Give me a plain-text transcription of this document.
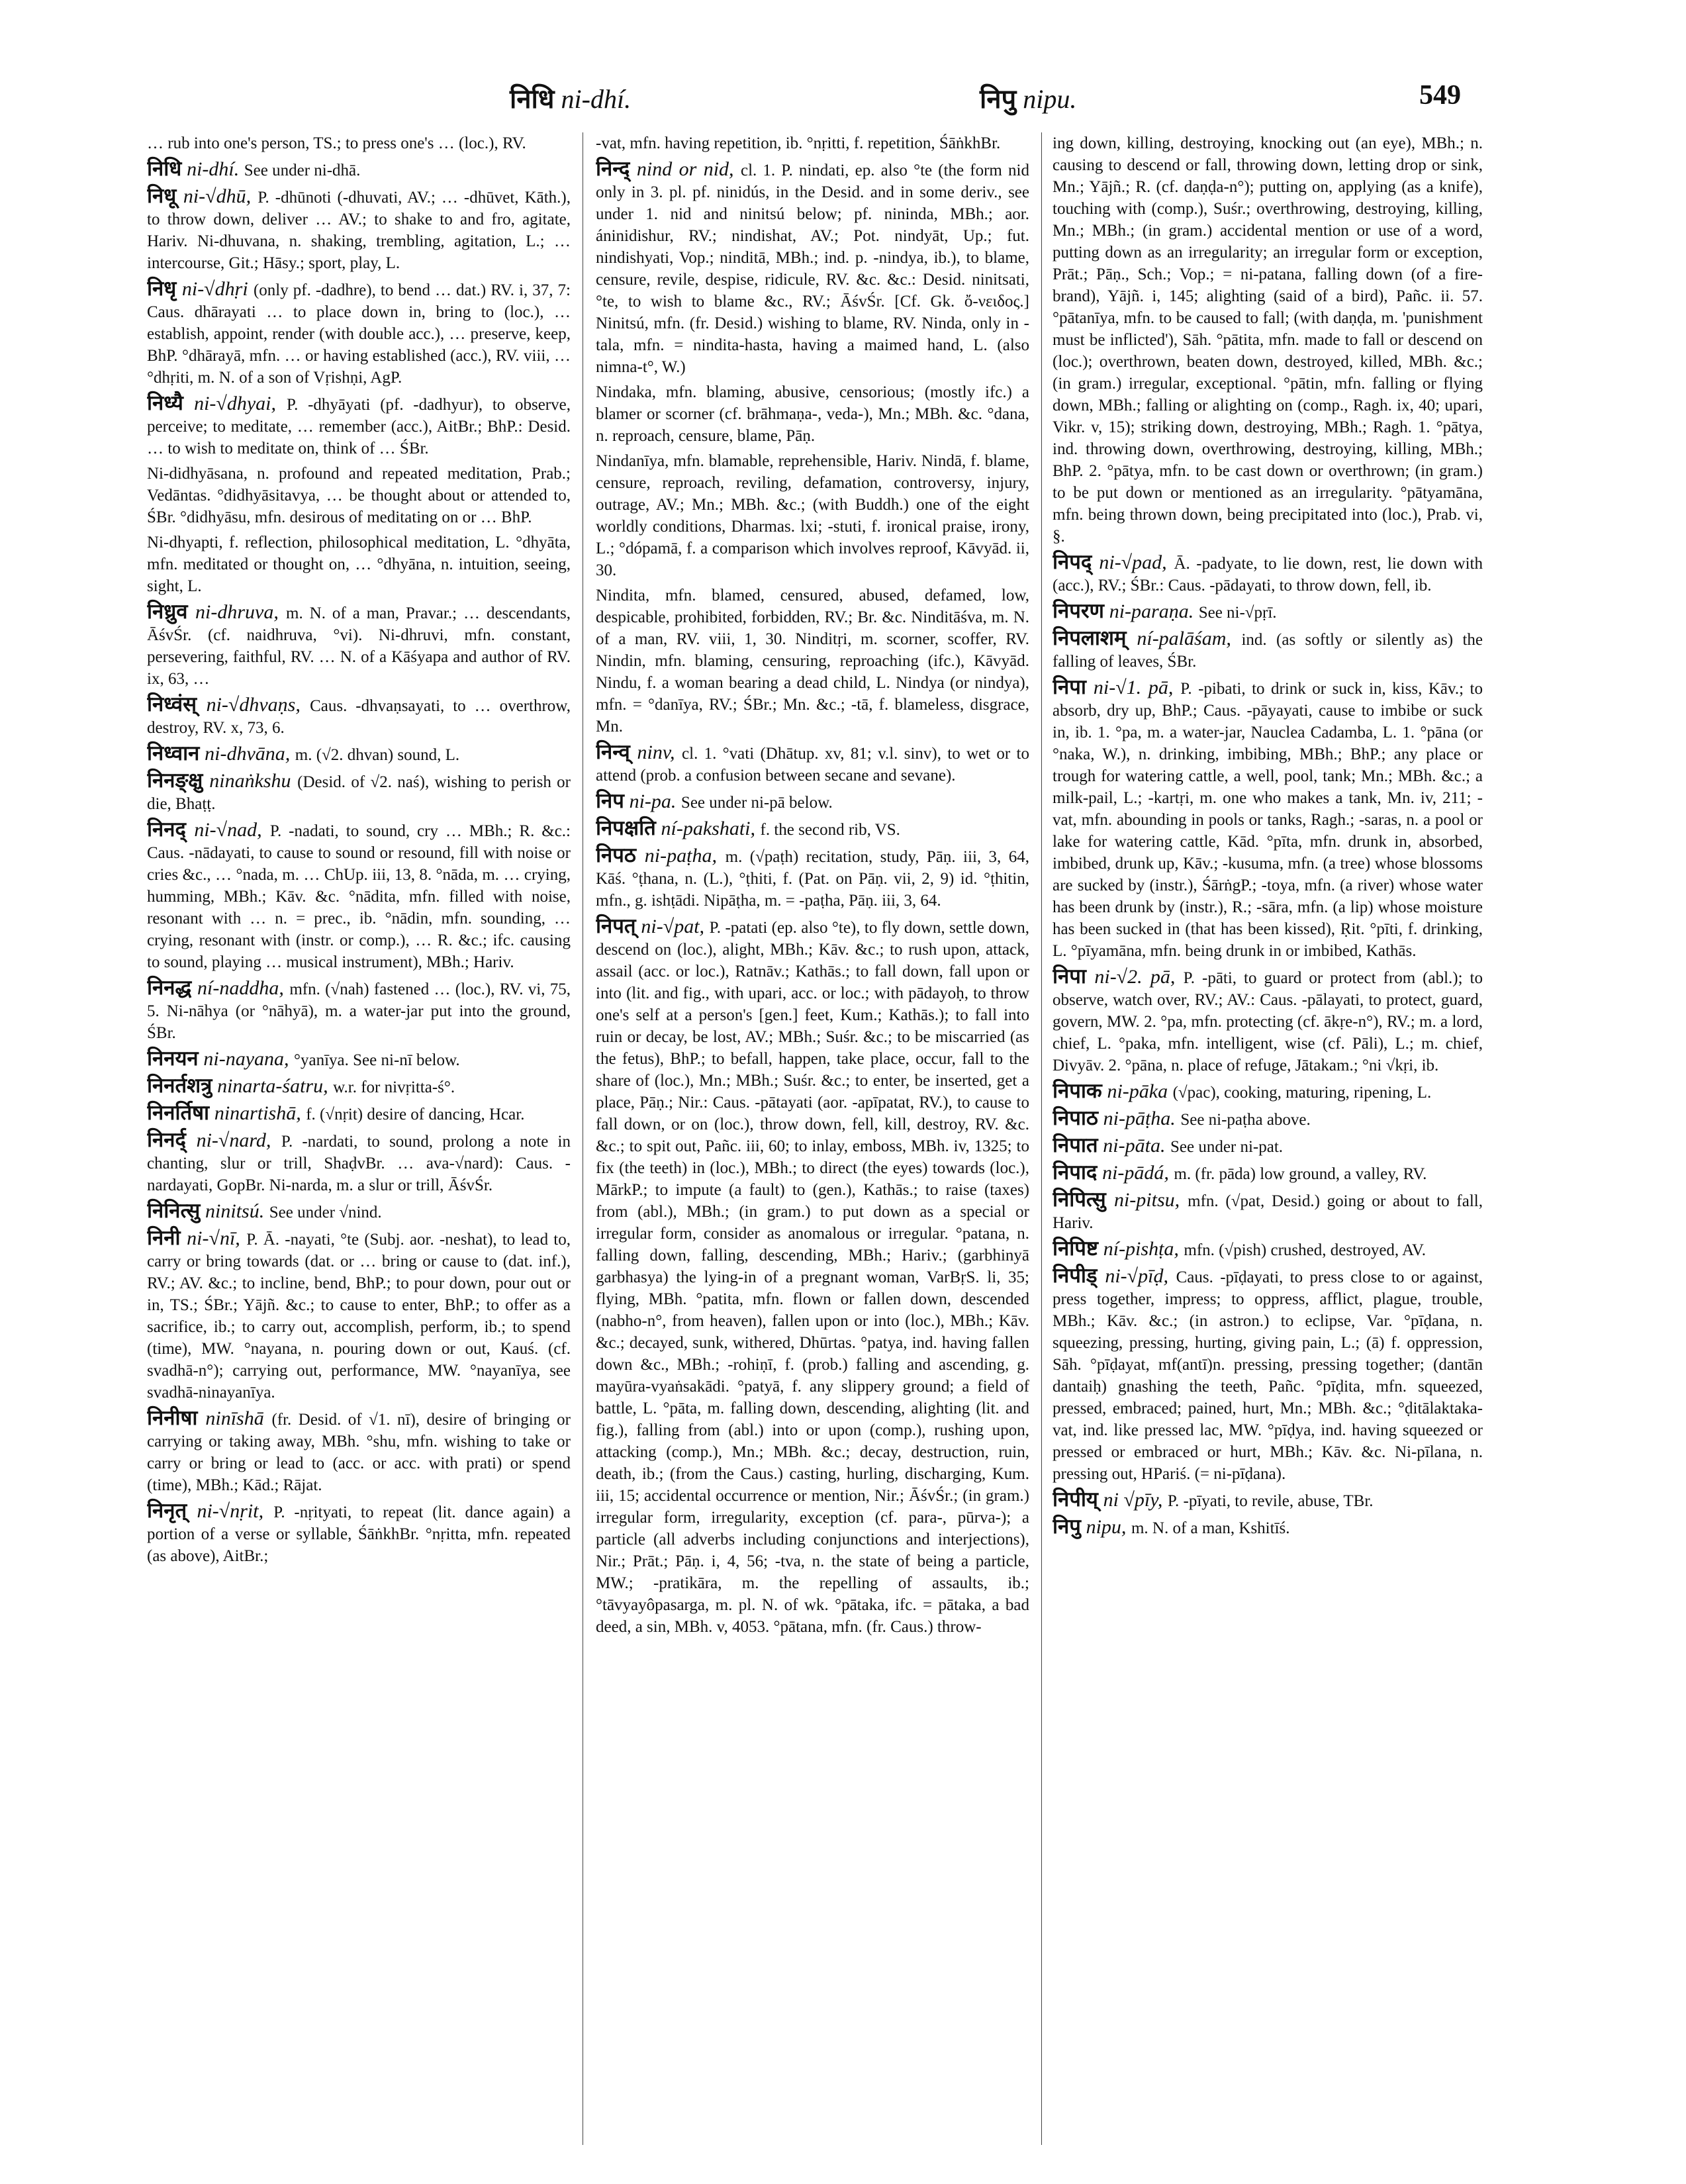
निधि ni-dhí.	निपु nipu.	549
… rub into one's person, TS.; to press one's … (loc.), RV.
निधि ni-dhí. See under ni-dhā.
निधू ni-√dhū, P. -dhūnoti (-dhuvati, AV.; … -dhūvet, Kāth.), to throw down, deliver … AV.; to shake to and fro, agitate, Hariv. Ni-dhuvana, n. shaking, trembling, agitation, L.; … intercourse, Git.; Hāsy.; sport, play, L.
निधृ ni-√dhṛi (only pf. -dadhre), to bend … dat.) RV. i, 37, 7: Caus. dhārayati … to place down in, bring to (loc.), … establish, appoint, render (with double acc.), … preserve, keep, BhP. °dhārayā, mfn. … or having established (acc.), RV. viii, … °dhṛiti, m. N. of a son of Vṛishṇi, AgP.
निध्यै ni-√dhyai, P. -dhyāyati (pf. -dadhyur), to observe, perceive; to meditate, … remember (acc.), AitBr.; BhP.: Desid. … to wish to meditate on, think of … ŚBr.
Ni-didhyāsana, n. profound and repeated meditation, Prab.; Vedāntas. °didhyāsitavya, … be thought about or attended to, ŚBr. °didhyāsu, mfn. desirous of meditating on or … BhP.
Ni-dhyapti, f. reflection, philosophical meditation, L. °dhyāta, mfn. meditated or thought on, … °dhyāna, n. intuition, seeing, sight, L.
निध्रुव ni-dhruva, m. N. of a man, Pravar.; … descendants, ĀśvŚr. (cf. naidhruva, °vi). Ni-dhruvi, mfn. constant, persevering, faithful, RV. … N. of a Kāśyapa and author of RV. ix, 63, …
निध्वंस् ni-√dhvaṇs, Caus. -dhvaṇsayati, to … overthrow, destroy, RV. x, 73, 6.
निध्वान ni-dhvāna, m. (√2. dhvan) sound, L.
निनङ्क्षु ninaṅkshu (Desid. of √2. naś), wishing to perish or die, Bhaṭṭ.
निनद् ni-√nad, P. -nadati, to sound, cry … MBh.; R. &c.: Caus. -nādayati, to cause to sound or resound, fill with noise or cries &c., … °nada, m. … ChUp. iii, 13, 8. °nāda, m. … crying, humming, MBh.; Kāv. &c. °nādita, mfn. filled with noise, resonant with … n. = prec., ib. °nādin, mfn. sounding, … crying, resonant with (instr. or comp.), … R. &c.; ifc. causing to sound, playing … musical instrument), MBh.; Hariv.
निनद्ध ní-naddha, mfn. (√nah) fastened … (loc.), RV. vi, 75, 5. Ni-nāhya (or °nāhyā), m. a water-jar put into the ground, ŚBr.
निनयन ni-nayana, °yanīya. See ni-nī below.
निनर्तशत्रु ninarta-śatru, w.r. for nivṛitta-ś°.
निनर्तिषा ninartishā, f. (√nṛit) desire of dancing, Hcar.
निनर्द् ni-√nard, P. -nardati, to sound, prolong a note in chanting, slur or trill, ShaḍvBr. … ava-√nard): Caus. -nardayati, GopBr. Ni-narda, m. a slur or trill, ĀśvŚr.
निनित्सु ninitsú. See under √nind.
निनी ni-√nī, P. Ā. -nayati, °te (Subj. aor. -neshat), to lead to, carry or bring towards (dat. or … bring or cause to (dat. inf.), RV.; AV. &c.; to incline, bend, BhP.; to pour down, pour out or in, TS.; ŚBr.; Yājñ. &c.; to cause to enter, BhP.; to offer as a sacrifice, ib.; to carry out, accomplish, perform, ib.; to spend (time), MW. °nayana, n. pouring down or out, Kauś. (cf. svadhā-n°); carrying out, performance, MW. °nayanīya, see svadhā-ninayanīya.
निनीषा ninīshā (fr. Desid. of √1. nī), desire of bringing or carrying or taking away, MBh. °shu, mfn. wishing to take or carry or bring or lead to (acc. or acc. with prati) or spend (time), MBh.; Kād.; Rājat.
निनृत् ni-√nṛit, P. -nṛityati, to repeat (lit. dance again) a portion of a verse or syllable, ŚāṅkhBr. °nṛitta, mfn. repeated (as above), AitBr.;
-vat, mfn. having repetition, ib. °nṛitti, f. repetition, ŚāṅkhBr.
निन्द् nind or nid, cl. 1. P. nindati, ep. also °te (the form nid only in 3. pl. pf. ninidús, in the Desid. and in some deriv., see under 1. nid and ninitsú below; pf. nininda, MBh.; aor. áninidishur, RV.; nindishat, AV.; Pot. nindyāt, Up.; fut. nindishyati, Vop.; ninditā, MBh.; ind. p. -nindya, ib.), to blame, censure, revile, despise, ridicule, RV. &c. &c.: Desid. ninitsati, °te, to wish to blame &c., RV.; ĀśvŚr. [Cf. Gk. ὄ-νειδος.] Ninitsú, mfn. (fr. Desid.) wishing to blame, RV. Ninda, only in -tala, mfn. = nindita-hasta, having a maimed hand, L. (also nimna-t°, W.)
Nindaka, mfn. blaming, abusive, censorious; (mostly ifc.) a blamer or scorner (cf. brāhmaṇa-, veda-), Mn.; MBh. &c. °dana, n. reproach, censure, blame, Pāṇ.
Nindanīya, mfn. blamable, reprehensible, Hariv. Nindā, f. blame, censure, reproach, reviling, defamation, controversy, injury, outrage, AV.; Mn.; MBh. &c.; (with Buddh.) one of the eight worldly conditions, Dharmas. lxi; -stuti, f. ironical praise, irony, L.; °dópamā, f. a comparison which involves reproof, Kāvyād. ii, 30.
Nindita, mfn. blamed, censured, abused, defamed, low, despicable, prohibited, forbidden, RV.; Br. &c. Ninditāśva, m. N. of a man, RV. viii, 1, 30. Ninditṛi, m. scorner, scoffer, RV. Nindin, mfn. blaming, censuring, reproaching (ifc.), Kāvyād. Nindu, f. a woman bearing a dead child, L. Nindya (or nindya), mfn. = °danīya, RV.; ŚBr.; Mn. &c.; -tā, f. blameless, disgrace, Mn.
निन्व् ninv, cl. 1. °vati (Dhātup. xv, 81; v.l. sinv), to wet or to attend (prob. a confusion between secane and sevane).
निप ni-pa. See under ni-pā below.
निपक्षति ní-pakshati, f. the second rib, VS.
निपठ ni-paṭha, m. (√paṭh) recitation, study, Pāṇ. iii, 3, 64, Kāś. °ṭhana, n. (L.), °ṭhiti, f. (Pat. on Pāṇ. vii, 2, 9) id. °ṭhitin, mfn., g. ishṭādi. Nipāṭha, m. = -paṭha, Pāṇ. iii, 3, 64.
निपत् ni-√pat, P. -patati (ep. also °te), to fly down, settle down, descend on (loc.), alight, MBh.; Kāv. &c.; to rush upon, attack, assail (acc. or loc.), Ratnāv.; Kathās.; to fall down, fall upon or into (lit. and fig., with upari, acc. or loc.; with pādayoḥ, to throw one's self at a person's [gen.] feet, Kum.; Kathās.); to fall into ruin or decay, be lost, AV.; MBh.; Suśr. &c.; to be miscarried (as the fetus), BhP.; to befall, happen, take place, occur, fall to the share of (loc.), Mn.; MBh.; Suśr. &c.; to enter, be inserted, get a place, Pāṇ.; Nir.: Caus. -pātayati (aor. -apīpatat, RV.), to cause to fall down, or on (loc.), throw down, fell, kill, destroy, RV. &c. &c.; to spit out, Pañc. iii, 60; to inlay, emboss, MBh. iv, 1325; to fix (the teeth) in (loc.), MBh.; to direct (the eyes) towards (loc.), MārkP.; to impute (a fault) to (gen.), Kathās.; to raise (taxes) from (abl.), MBh.; (in gram.) to put down as a special or irregular form, consider as anomalous or irregular. °patana, n. falling down, falling, descending, MBh.; Hariv.; (garbhinyā garbhasya) the lying-in of a pregnant woman, VarBṛS. li, 35; flying, MBh. °patita, mfn. flown or fallen down, descended (nabho-n°, from heaven), fallen upon or into (loc.), MBh.; Kāv. &c.; decayed, sunk, withered, Dhūrtas. °patya, ind. having fallen down &c., MBh.; -rohiṇī, f. (prob.) falling and ascending, g. mayūra-vyaṅsakādi. °patyā, f. any slippery ground; a field of battle, L. °pāta, m. falling down, descending, alighting (lit. and fig.), falling from (abl.) into or upon (comp.), rushing upon, attacking (comp.), Mn.; MBh. &c.; decay, destruction, ruin, death, ib.; (from the Caus.) casting, hurling, discharging, Kum. iii, 15; accidental occurrence or mention, Nir.; ĀśvŚr.; (in gram.) irregular form, irregularity, exception (cf. para-, pūrva-); a particle (all adverbs including conjunctions and interjections), Nir.; Prāt.; Pāṇ. i, 4, 56; -tva, n. the state of being a particle, MW.; -pratikāra, m. the repelling of assaults, ib.; °tāvyayôpasarga, m. pl. N. of wk. °pātaka, ifc. = pātaka, a bad deed, a sin, MBh. v, 4053. °pātana, mfn. (fr. Caus.) throw-
ing down, killing, destroying, knocking out (an eye), MBh.; n. causing to descend or fall, throwing down, letting drop or sink, Mn.; Yājñ.; R. (cf. daṇḍa-n°); putting on, applying (as a knife), touching with (comp.), Suśr.; overthrowing, destroying, killing, Mn.; MBh.; (in gram.) accidental mention or use of a word, putting down as an irregularity; an irregular form or exception, Prāt.; Pāṇ., Sch.; Vop.; = ni-patana, falling down (of a fire-brand), Yājñ. i, 145; alighting (said of a bird), Pañc. ii. 57. °pātanīya, mfn. to be caused to fall; (with daṇḍa, m. 'punishment must be inflicted'), Sāh. °pātita, mfn. made to fall or descend on (loc.); overthrown, beaten down, destroyed, killed, MBh. &c.; (in gram.) irregular, exceptional. °pātin, mfn. falling or flying down, MBh.; falling or alighting on (comp., Ragh. ix, 40; upari, Vikr. v, 15); striking down, destroying, MBh.; Ragh. 1. °pātya, ind. throwing down, overthrowing, destroying, killing, MBh.; BhP. 2. °pātya, mfn. to be cast down or overthrown; (in gram.) to be put down or mentioned as an irregularity. °pātyamāna, mfn. being thrown down, being precipitated into (loc.), Prab. vi, §.
निपद् ni-√pad, Ā. -padyate, to lie down, rest, lie down with (acc.), RV.; ŚBr.: Caus. -pādayati, to throw down, fell, ib.
निपरण ni-paraṇa. See ni-√pṛī.
निपलाशम् ní-palāśam, ind. (as softly or silently as) the falling of leaves, ŚBr.
निपा ni-√1. pā, P. -pibati, to drink or suck in, kiss, Kāv.; to absorb, dry up, BhP.; Caus. -pāyayati, cause to imbibe or suck in, ib. 1. °pa, m. a water-jar, Nauclea Cadamba, L. 1. °pāna (or °naka, W.), n. drinking, imbibing, MBh.; BhP.; any place or trough for watering cattle, a well, pool, tank; Mn.; MBh. &c.; a milk-pail, L.; -kartṛi, m. one who makes a tank, Mn. iv, 211; -vat, mfn. abounding in pools or tanks, Ragh.; -saras, n. a pool or lake for watering cattle, Kād. °pīta, mfn. drunk in, absorbed, imbibed, drunk up, Kāv.; -kusuma, mfn. (a tree) whose blossoms are sucked by (instr.), ŚārṅgP.; -toya, mfn. (a river) whose water has been drunk by (instr.), R.; -sāra, mfn. (a lip) whose moisture has been sucked in (that has been kissed), Ṛit. °pīti, f. drinking, L. °pīyamāna, mfn. being drunk in or imbibed, Kathās.
निपा ni-√2. pā, P. -pāti, to guard or protect from (abl.); to observe, watch over, RV.; AV.: Caus. -pālayati, to protect, guard, govern, MW. 2. °pa, mfn. protecting (cf. ākṛe-n°), RV.; m. a lord, chief, L. °paka, mfn. intelligent, wise (cf. Pāli), L.; m. chief, Divyāv. 2. °pāna, n. place of refuge, Jātakam.; °ni √kṛi, ib.
निपाक ni-pāka (√pac), cooking, maturing, ripening, L.
निपाठ ni-pāṭha. See ni-paṭha above.
निपात ni-pāta. See under ni-pat.
निपाद ni-pādá, m. (fr. pāda) low ground, a valley, RV.
निपित्सु ni-pitsu, mfn. (√pat, Desid.) going or about to fall, Hariv.
निपिष्ट ní-pishṭa, mfn. (√pish) crushed, destroyed, AV.
निपीड् ni-√pīḍ, Caus. -pīḍayati, to press close to or against, press together, impress; to oppress, afflict, plague, trouble, MBh.; Kāv. &c.; (in astron.) to eclipse, Var. °pīḍana, n. squeezing, pressing, hurting, giving pain, L.; (ā) f. oppression, Sāh. °pīḍayat, mf(antī)n. pressing, pressing together; (dantān dantaiḥ) gnashing the teeth, Pañc. °pīḍita, mfn. squeezed, pressed, embraced; pained, hurt, Mn.; MBh. &c.; °ḍitālaktaka-vat, ind. like pressed lac, MW. °pīḍya, ind. having squeezed or pressed or embraced or hurt, MBh.; Kāv. &c. Ni-pīlana, n. pressing out, HPariś. (= ni-pīḍana).
निपीय् ni √pīy, P. -pīyati, to revile, abuse, TBr.
निपु nipu, m. N. of a man, Kshitīś.
